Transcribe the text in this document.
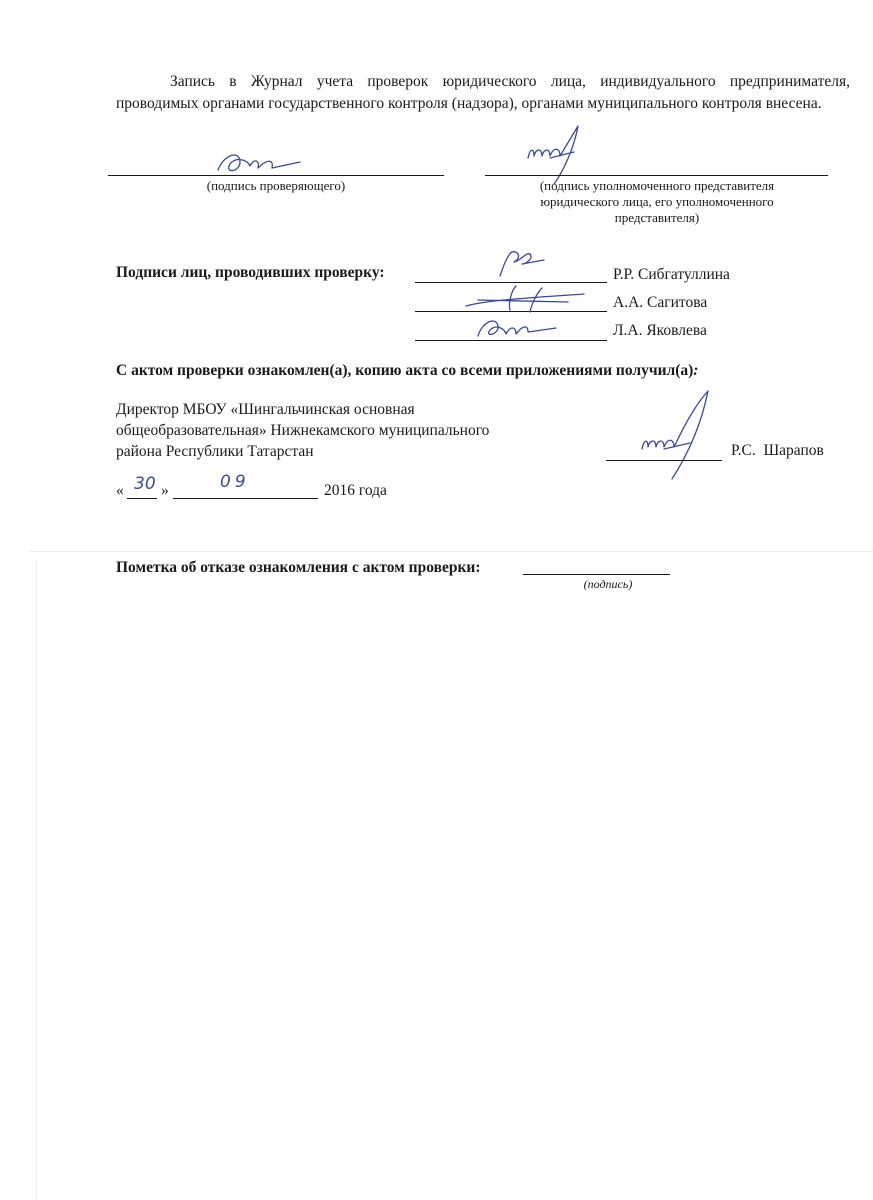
Запись в Журнал учета проверок юридического лица, индивидуального предпринимателя, проводимых органами государственного контроля (надзора), органами муниципального контроля внесена.
(подпись проверяющего)	(подпись уполномоченного представителя юридического лица, его уполномоченного представителя)
Подписи лиц, проводивших проверку:	Р.Р. Сибгатуллина
А.А. Сагитова
Л.А. Яковлева
С актом проверки ознакомлен(а), копию акта со всеми приложениями получил(а):
Директор МБОУ «Шингальчинская основная
общеобразовательная» Нижнекамского муниципального
района Республики Татарстан	Р.С.  Шарапов
« 30 »	09	2016 года
Пометка об отказе ознакомления с актом проверки:
(подпись)
